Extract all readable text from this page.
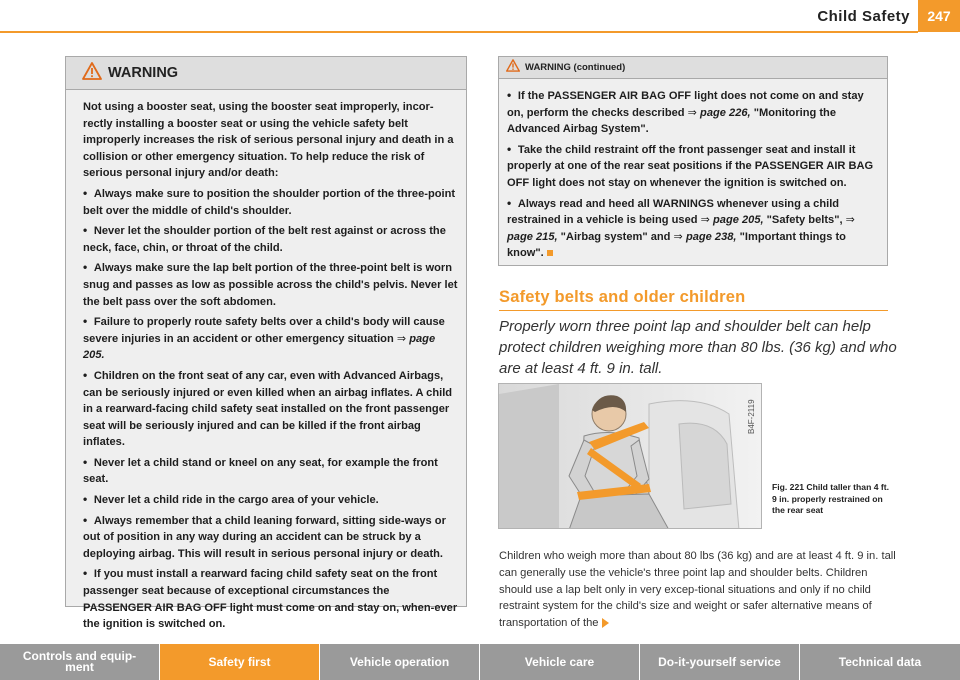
Child Safety	247
WARNING

Not using a booster seat, using the booster seat improperly, incor-rectly installing a booster seat or using the vehicle safety belt improperly increases the risk of serious personal injury and death in a collision or other emergency situation. To help reduce the risk of serious personal injury and/or death:

•  Always make sure to position the shoulder portion of the three-point belt over the middle of child's shoulder.

•  Never let the shoulder portion of the belt rest against or across the neck, face, chin, or throat of the child.

•  Always make sure the lap belt portion of the three-point belt is worn snug and passes as low as possible across the child's pelvis. Never let the belt pass over the soft abdomen.

•  Failure to properly route safety belts over a child's body will cause severe injuries in an accident or other emergency situation ⇒ page 205.

•  Children on the front seat of any car, even with Advanced Airbags, can be seriously injured or even killed when an airbag inflates. A child in a rearward-facing child safety seat installed on the front passenger seat will be seriously injured and can be killed if the front airbag inflates.

•  Never let a child stand or kneel on any seat, for example the front seat.

•  Never let a child ride in the cargo area of your vehicle.

•  Always remember that a child leaning forward, sitting side-ways or out of position in any way during an accident can be struck by a deploying airbag. This will result in serious personal injury or death.

•  If you must install a rearward facing child safety seat on the front passenger seat because of exceptional circumstances the PASSENGER AIR BAG OFF light must come on and stay on, when-ever the ignition is switched on.

WARNING (continued)

•  If the PASSENGER AIR BAG OFF light does not come on and stay on, perform the checks described ⇒ page 226, "Monitoring the Advanced Airbag System".

•  Take the child restraint off the front passenger seat and install it properly at one of the rear seat positions if the PASSENGER AIR BAG OFF light does not stay on whenever the ignition is switched on.

•  Always read and heed all WARNINGS whenever using a child restrained in a vehicle is being used ⇒ page 205, "Safety belts", ⇒ page 215, "Airbag system" and ⇒ page 238, "Important things to know".

Safety belts and older children
Properly worn three point lap and shoulder belt can help protect children weighing more than 80 lbs. (36 kg) and who are at least 4 ft. 9 in. tall.
B4F-2119
Fig. 221 Child taller than 4 ft. 9 in. properly restrained on the rear seat
Children who weigh more than about 80 lbs (36 kg) and are at least 4 ft. 9 in. tall can generally use the vehicle's three point lap and shoulder belts. Children should use a lap belt only in very excep-tional situations and only if no child restraint system for the child's size and weight or safer alternative means of transportation of the
Controls and equip-
ment	Safety first	Vehicle operation	Vehicle care	Do-it-yourself service	Technical data
